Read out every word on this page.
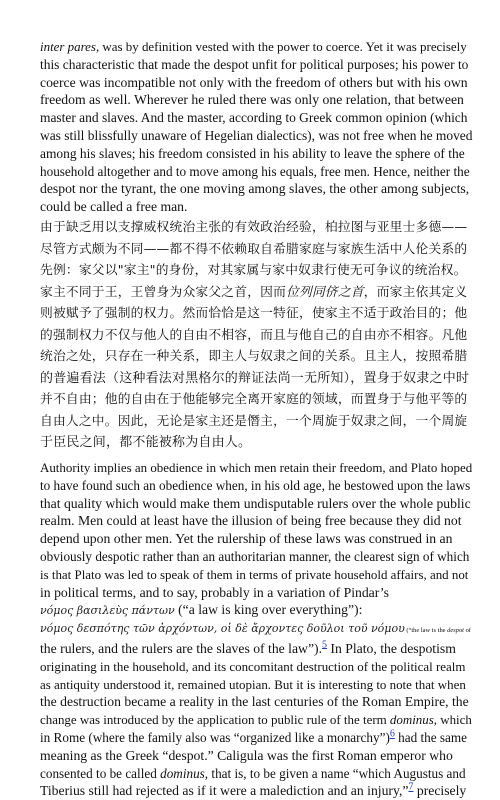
inter pares, was by definition vested with the power to coerce. Yet it was precisely
this characteristic that made the despot unfit for political purposes; his power to
coerce was incompatible not only with the freedom of others but with his own
freedom as well. Wherever he ruled there was only one relation, that between
master and slaves. And the master, according to Greek common opinion (which
was still blissfully unaware of Hegelian dialectics), was not free when he moved
among his slaves; his freedom consisted in his ability to leave the sphere of the
household altogether and to move among his equals, free men. Hence, neither the
despot nor the tyrant, the one moving among slaves, the other among subjects,
could be called a free man.

由于缺乏用以支撑威权统治主张的有效政治经验，柏拉图与亚里士多德——
尽管方式颇为不同——都不得不依赖取自希腊家庭与家族生活中人伦关系的
先例：家父以"家主"的身份，对其家属与家中奴隶行使无可争议的统治权。
家主不同于王，王曾身为众家父之首，因而位列同侪之首，而家主依其定义
则被赋予了强制的权力。然而恰恰是这一特征，使家主不适于政治目的；他
的强制权力不仅与他人的自由不相容，而且与他自己的自由亦不相容。凡他
统治之处，只存在一种关系，即主人与奴隶之间的关系。且主人，按照希腊
的普遍看法（这种看法对黑格尔的辩证法尚一无所知），置身于奴隶之中时
并不自由；他的自由在于他能够完全离开家庭的领域，而置身于与他平等的
自由人之中。因此，无论是家主还是僭主，一个周旋于奴隶之间，一个周旋
于臣民之间，都不能被称为自由人。

Authority implies an obedience in which men retain their freedom, and Plato hoped
to have found such an obedience when, in his old age, he bestowed upon the laws
that quality which would make them undisputable rulers over the whole public
realm. Men could at least have the illusion of being free because they did not
depend upon other men. Yet the rulership of these laws was construed in an
obviously despotic rather than an authoritarian manner, the clearest sign of which
is that Plato was led to speak of them in terms of private household affairs, and not
in political terms, and to say, probably in a variation of Pindar’s
νόμος βασιλεὺς πάντων (“a law is king over everything”):
νόμος δεσπότης τῶν ἀρχόντων, οἱ δὲ ἄρχοντες δοῦλοι τοῦ νόμου (“the law is the despot of
the rulers, and the rulers are the slaves of the law”).$^5$ In Plato, the despotism
originating in the household, and its concomitant destruction of the political realm
as antiquity understood it, remained utopian. But it is interesting to note that when
the destruction became a reality in the last centuries of the Roman Empire, the
change was introduced by the application to public rule of the term dominus, which
in Rome (where the family also was “organized like a monarchy”)$^6$ had the same
meaning as the Greek “despot.” Caligula was the first Roman emperor who
consented to be called dominus, that is, to be given a name “which Augustus and
Tiberius still had rejected as if it were a malediction and an injury,”$^7$ precisely
